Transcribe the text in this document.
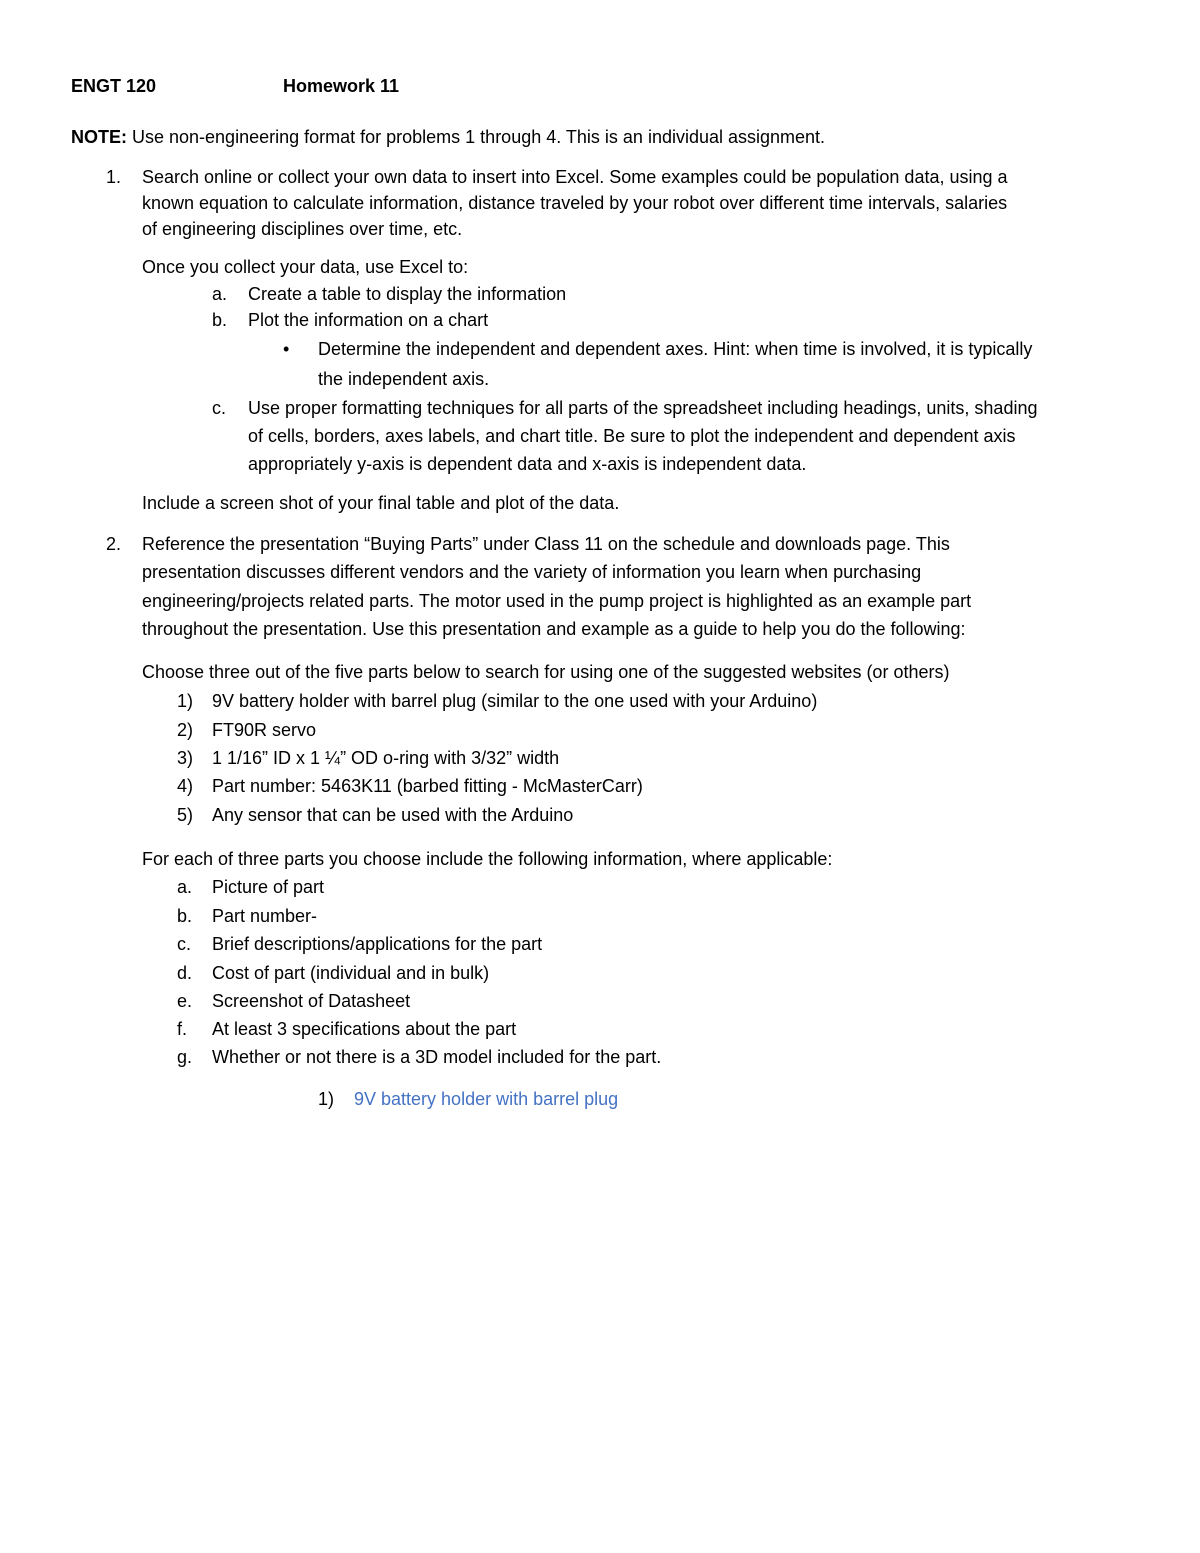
ENGT 120	Homework 11
NOTE: Use non-engineering format for problems 1 through 4. This is an individual assignment.
1. Search online or collect your own data to insert into Excel. Some examples could be population data, using a
known equation to calculate information, distance traveled by your robot over different time intervals, salaries
of engineering disciplines over time, etc.
Once you collect your data, use Excel to:
a. Create a table to display the information
b. Plot the information on a chart
• Determine the independent and dependent axes. Hint: when time is involved, it is typically
the independent axis.
c. Use proper formatting techniques for all parts of the spreadsheet including headings, units, shading
of cells, borders, axes labels, and chart title. Be sure to plot the independent and dependent axis
appropriately y-axis is dependent data and x-axis is independent data.
Include a screen shot of your final table and plot of the data.
2. Reference the presentation “Buying Parts” under Class 11 on the schedule and downloads page. This
presentation discusses different vendors and the variety of information you learn when purchasing
engineering/projects related parts. The motor used in the pump project is highlighted as an example part
throughout the presentation. Use this presentation and example as a guide to help you do the following:
Choose three out of the five parts below to search for using one of the suggested websites (or others)
1) 9V battery holder with barrel plug (similar to the one used with your Arduino)
2) FT90R servo
3) 1 1/16” ID x 1 ¼” OD o-ring with 3/32” width
4) Part number: 5463K11 (barbed fitting - McMasterCarr)
5) Any sensor that can be used with the Arduino
For each of three parts you choose include the following information, where applicable:
a. Picture of part
b. Part number-
c. Brief descriptions/applications for the part
d. Cost of part (individual and in bulk)
e. Screenshot of Datasheet
f. At least 3 specifications about the part
g. Whether or not there is a 3D model included for the part.
1) 9V battery holder with barrel plug
